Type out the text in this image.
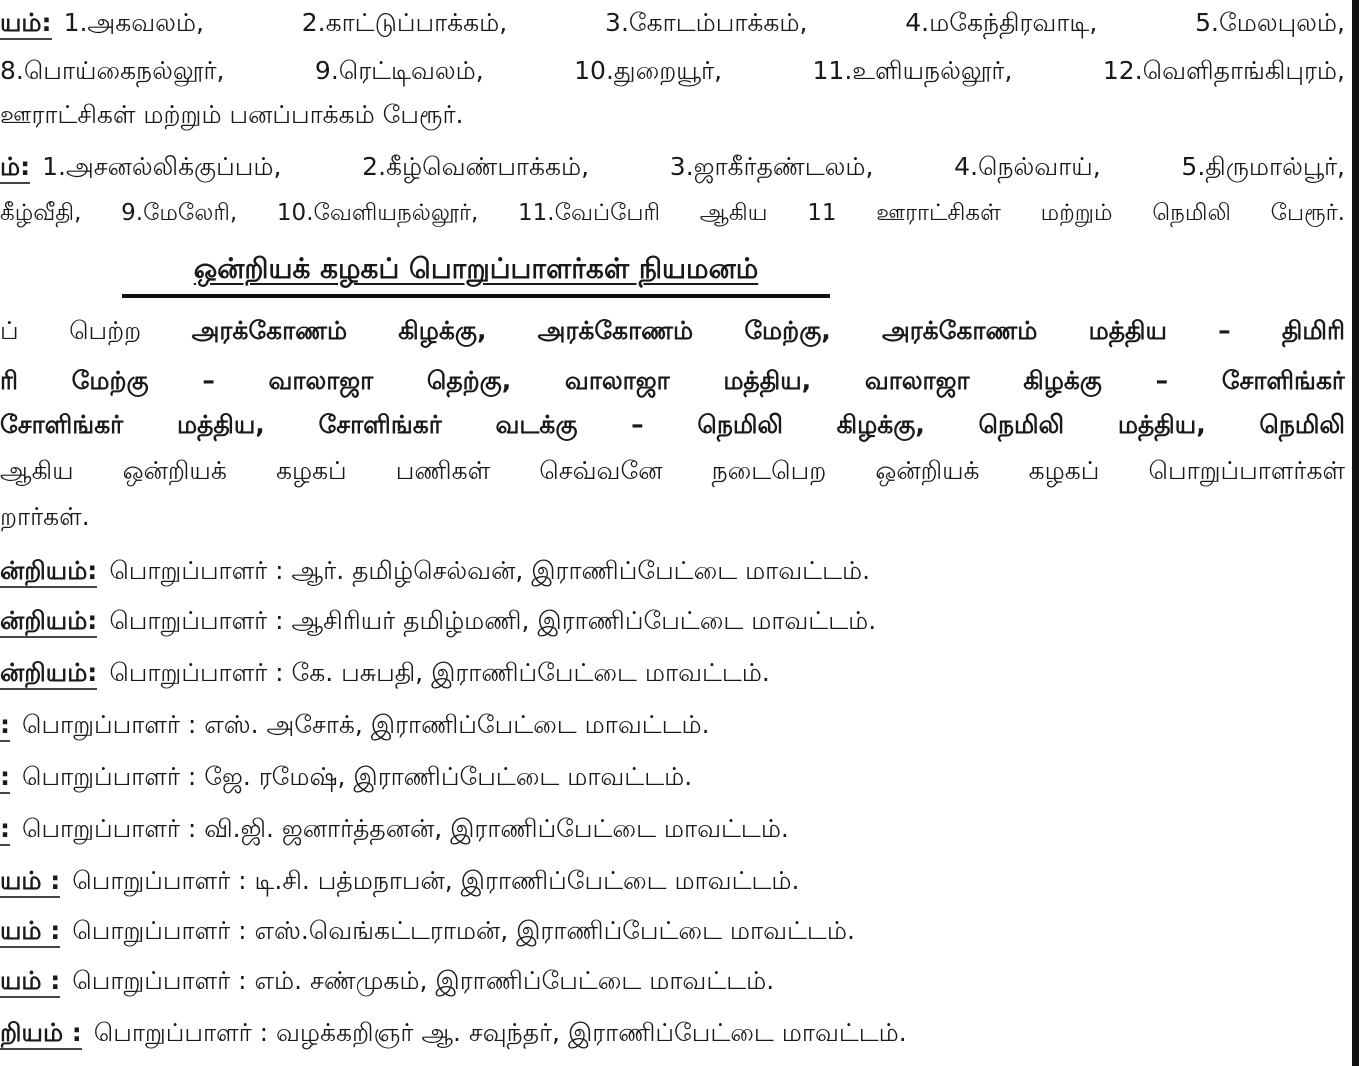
யம்: 1.அகவலம், 2.காட்டுப்பாக்கம், 3.கோடம்பாக்கம், 4.மகேந்திரவாடி, 5.மேலபுலம்,
8.பொய்கைநல்லூர், 9.ரெட்டிவலம், 10.துறையூர், 11.உளியநல்லூர், 12.வெளிதாங்கிபுரம்,
ஊராட்சிகள் மற்றும் பனப்பாக்கம் பேரூர்.
ம்: 1.அசனல்லிக்குப்பம், 2.கீழ்வெண்பாக்கம், 3.ஜாகீர்தண்டலம், 4.நெல்வாய், 5.திருமால்பூர்,
கீழ்வீதி, 9.மேலேரி, 10.வேளியநல்லூர், 11.வேப்பேரி ஆகிய 11 ஊராட்சிகள் மற்றும் நெமிலி பேரூர்.
ஒன்றியக் கழகப் பொறுப்பாளர்கள் நியமனம்
ப் பெற்ற அரக்கோணம் கிழக்கு, அரக்கோணம் மேற்கு, அரக்கோணம் மத்திய – திமிரி
ரி மேற்கு – வாலாஜா தெற்கு, வாலாஜா மத்திய, வாலாஜா கிழக்கு – சோளிங்கர்
சோளிங்கர் மத்திய, சோளிங்கர் வடக்கு – நெமிலி கிழக்கு, நெமிலி மத்திய, நெமிலி
ஆகிய ஒன்றியக் கழகப் பணிகள் செவ்வனே நடைபெற ஒன்றியக் கழகப் பொறுப்பாளர்கள்
றார்கள்.
ன்றியம்: பொறுப்பாளர் : ஆர். தமிழ்செல்வன், இராணிப்பேட்டை மாவட்டம்.
ன்றியம்: பொறுப்பாளர் : ஆசிரியர் தமிழ்மணி, இராணிப்பேட்டை மாவட்டம்.
ன்றியம்: பொறுப்பாளர் : கே. பசுபதி, இராணிப்பேட்டை மாவட்டம்.
: பொறுப்பாளர் : எஸ். அசோக், இராணிப்பேட்டை மாவட்டம்.
: பொறுப்பாளர் : ஜே. ரமேஷ், இராணிப்பேட்டை மாவட்டம்.
: பொறுப்பாளர் : வி.ஜி. ஜனார்த்தனன், இராணிப்பேட்டை மாவட்டம்.
யம் : பொறுப்பாளர் : டி.சி. பத்மநாபன், இராணிப்பேட்டை மாவட்டம்.
யம் : பொறுப்பாளர் : எஸ்.வெங்கட்டராமன், இராணிப்பேட்டை மாவட்டம்.
யம் : பொறுப்பாளர் : எம். சண்முகம், இராணிப்பேட்டை மாவட்டம்.
றியம் : பொறுப்பாளர் : வழக்கறிஞர் ஆ. சவுந்தர், இராணிப்பேட்டை மாவட்டம்.
